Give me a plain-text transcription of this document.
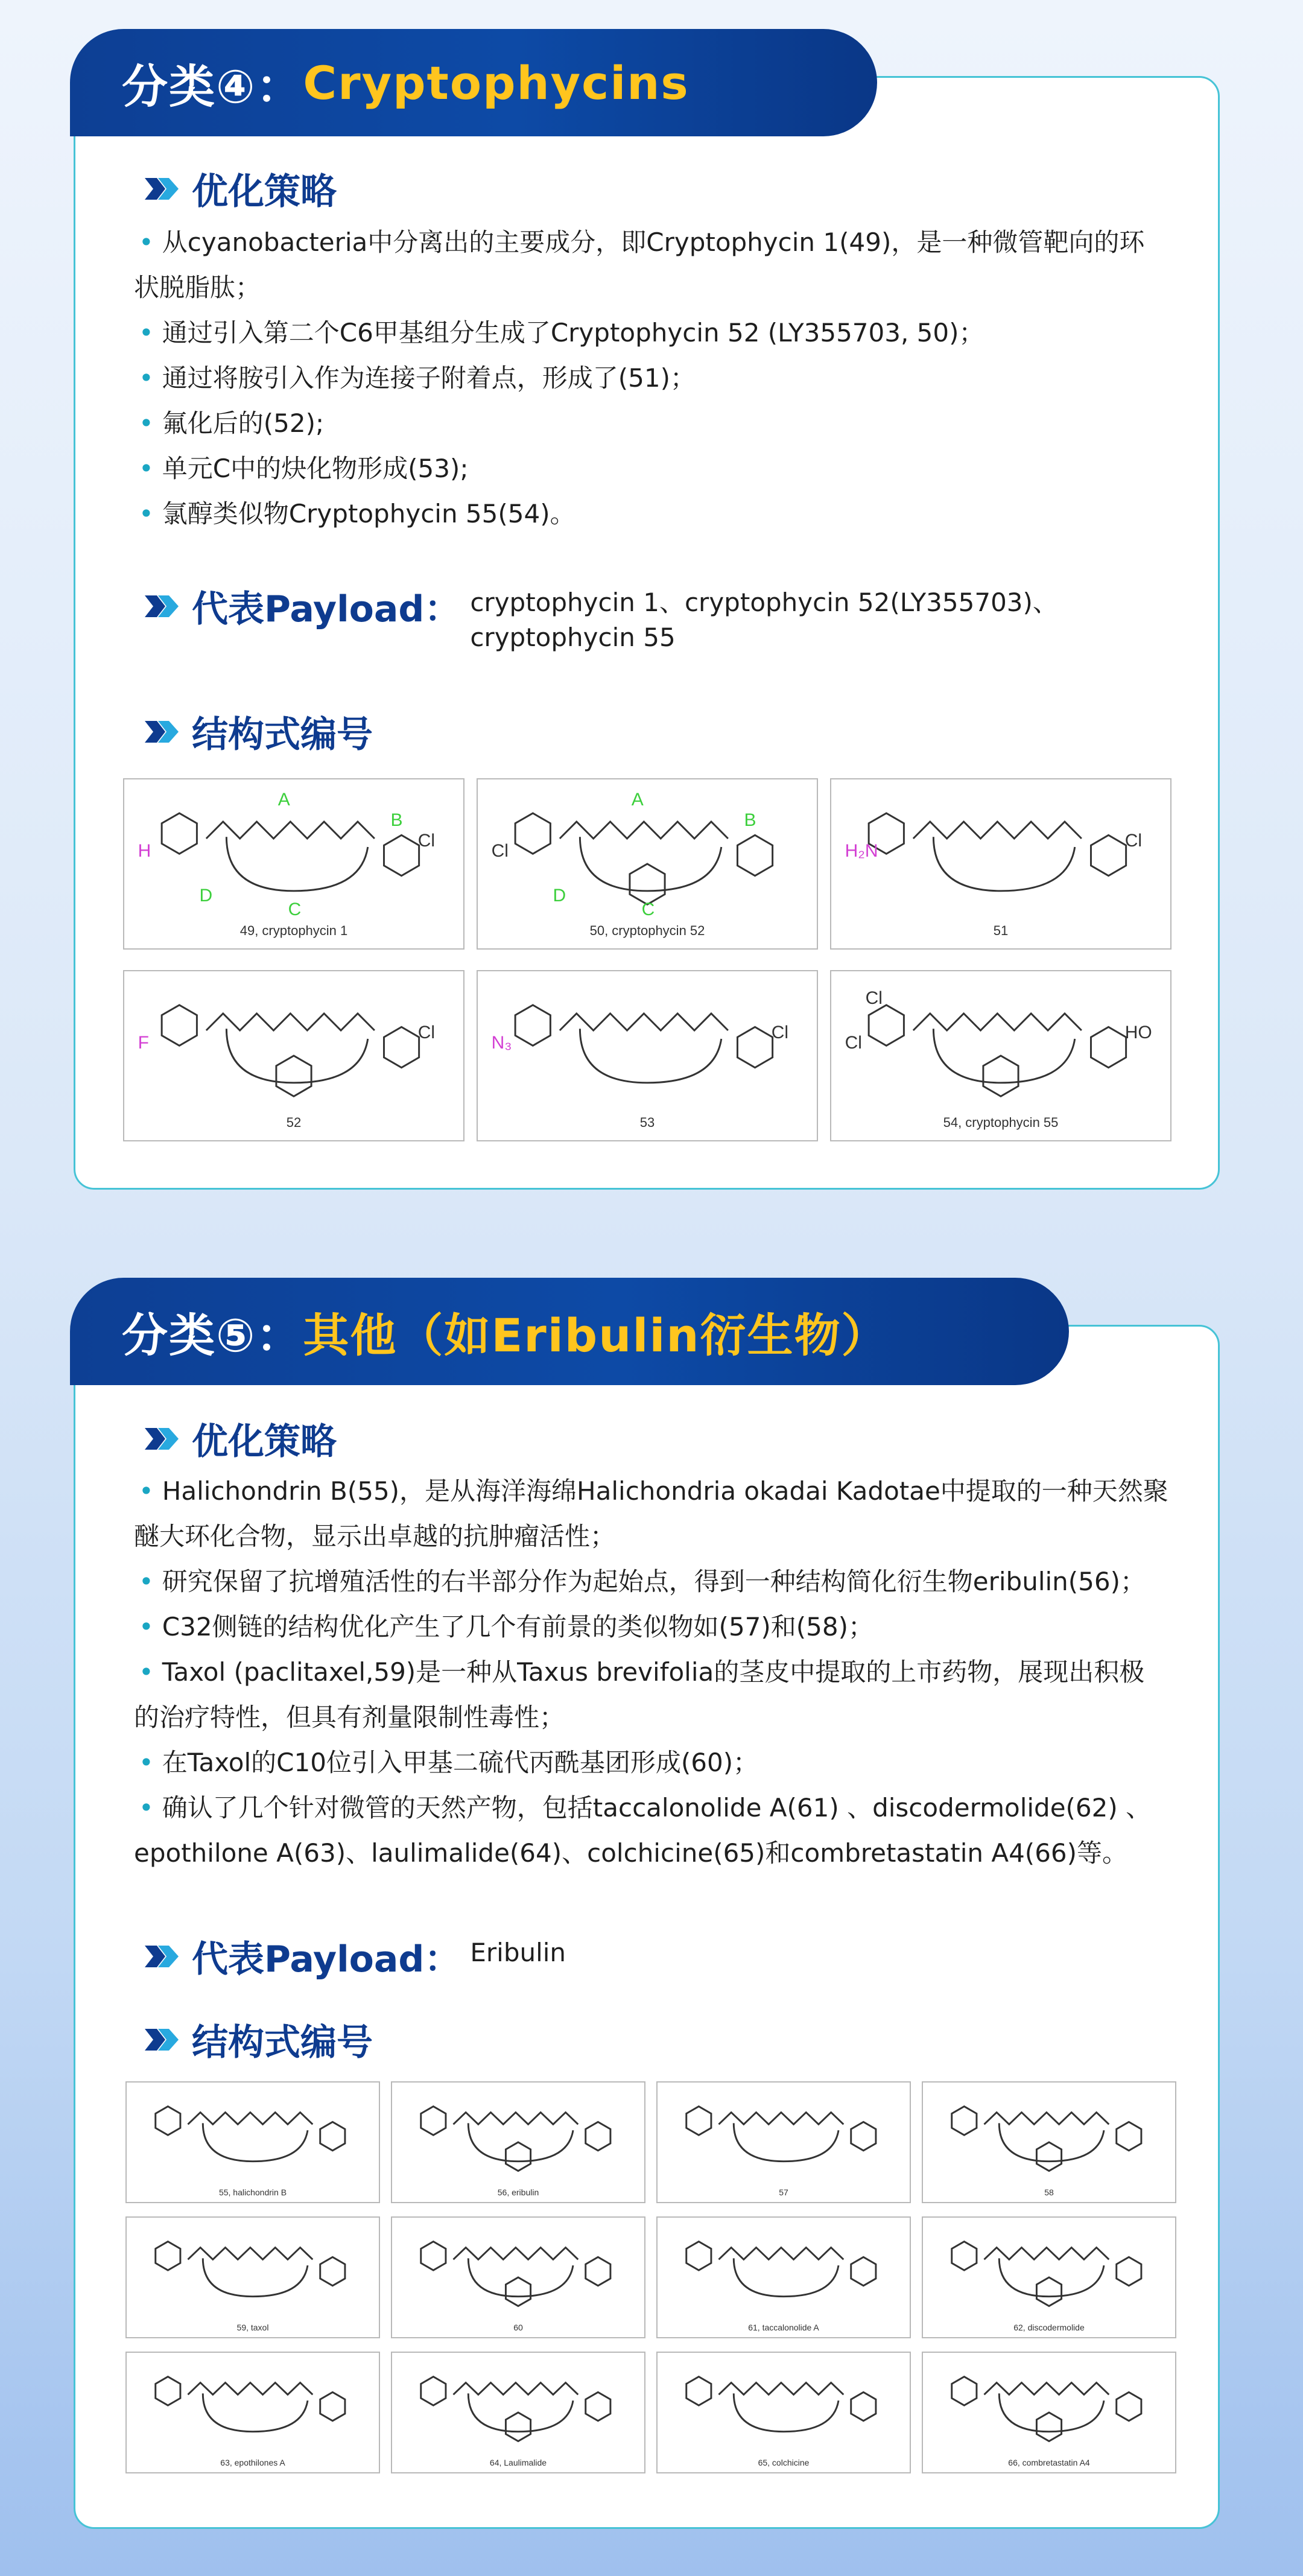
分类④： Cryptophycins
优化策略

• 从cyanobacteria中分离出的主要成分，即Cryptophycin 1(49)，是一种微管靶向的环状脱脂肽；

• 通过引入第二个C6甲基组分生成了Cryptophycin 52 (LY355703, 50)；

• 通过将胺引入作为连接子附着点，形成了(51)；

• 氟化后的(52);

• 单元C中的炔化物形成(53);

• 氯醇类似物Cryptophycin 55(54)。

代表Payload： cryptophycin 1、cryptophycin 52(LY355703)、
cryptophycin 55
结构式编号
A
B
C
D
H
Cl
49, cryptophycin 1
A
B
C
D
Cl
50, cryptophycin 52
H₂N
Cl
51
F
Cl
52
N₃
Cl
53
Cl
HO
Cl
54, cryptophycin 55
分类⑤： 其他（如Eribulin衍生物）
优化策略

• Halichondrin B(55)，是从海洋海绵Halichondria okadai Kadotae中提取的一种天然聚醚大环化合物，显示出卓越的抗肿瘤活性；

• 研究保留了抗增殖活性的右半部分作为起始点，得到一种结构简化衍生物eribulin(56)；

• C32侧链的结构优化产生了几个有前景的类似物如(57)和(58)；

• Taxol (paclitaxel,59)是一种从Taxus brevifolia的茎皮中提取的上市药物，展现出积极的治疗特性，但具有剂量限制性毒性；

• 在Taxol的C10位引入甲基二硫代丙酰基团形成(60)；

• 确认了几个针对微管的天然产物，包括taccalonolide A(61) 、discodermolide(62) 、epothilone A(63)、laulimalide(64)、colchicine(65)和combretastatin A4(66)等。

代表Payload： Eribulin
结构式编号
55, halichondrin B	56, eribulin	57	58
59, taxol	60	61, taccalonolide A	62, discodermolide
63, epothilones A	64, Laulimalide	65, colchicine	66, combretastatin A4
